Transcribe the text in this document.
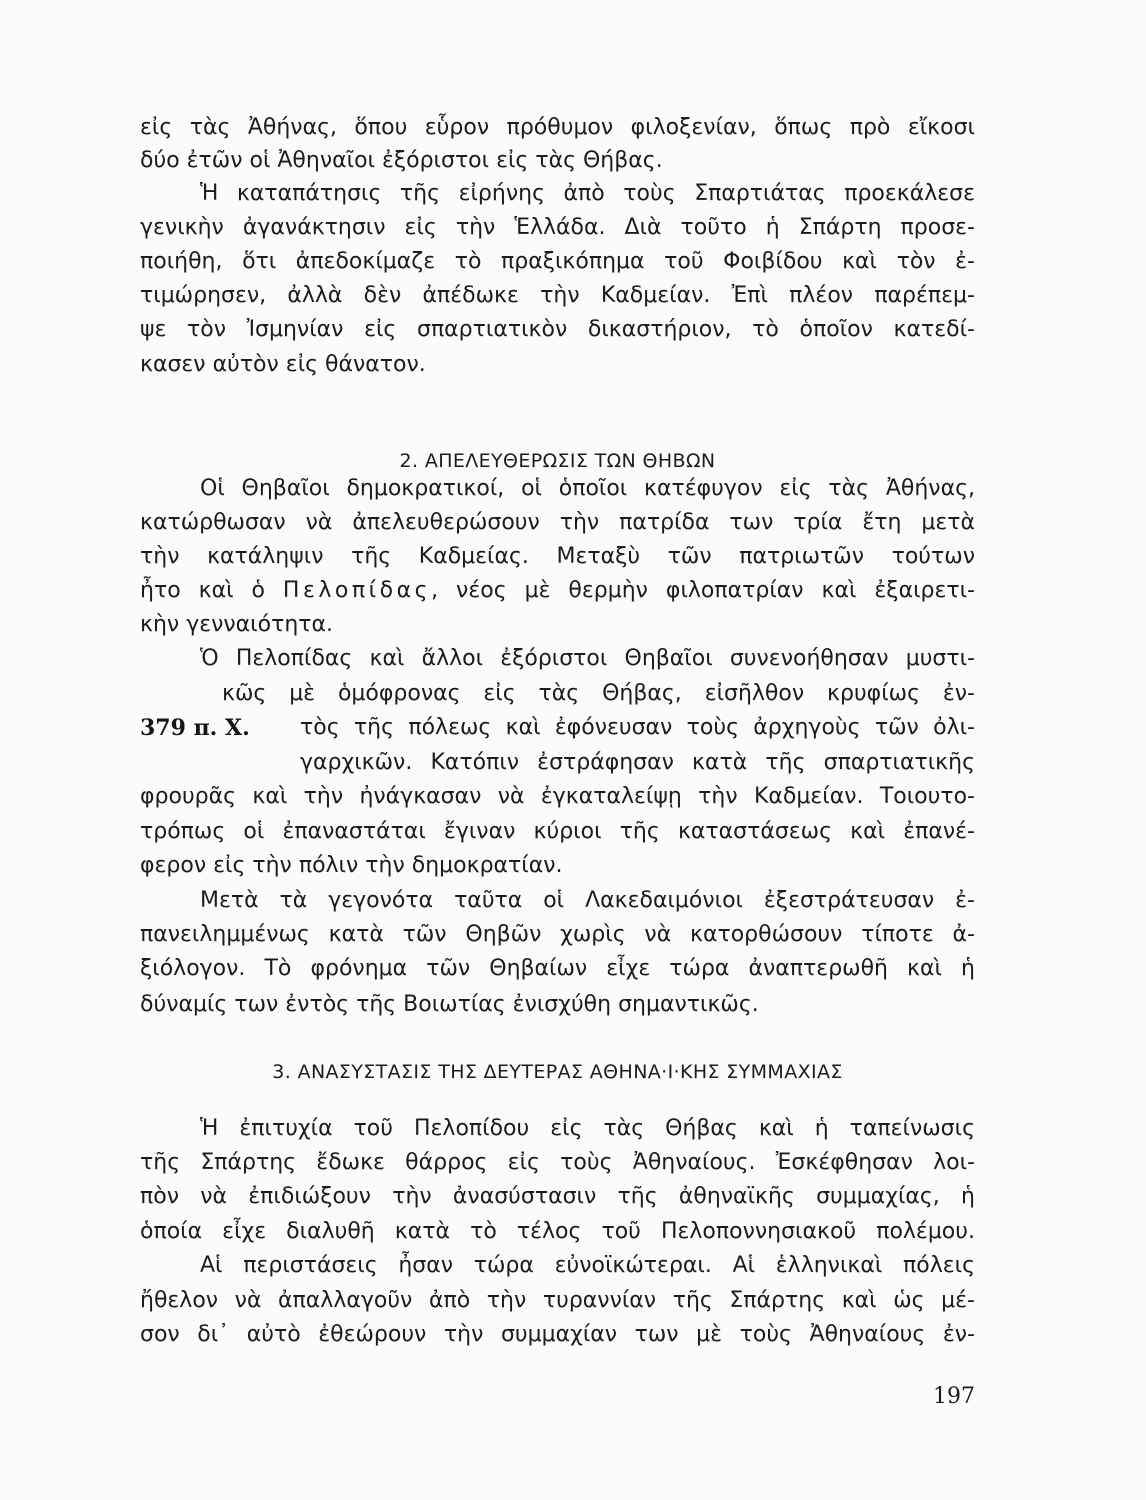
εἰς τὰς Ἀθήνας, ὅπου εὗρον πρόθυμον φιλοξενίαν, ὅπως πρὸ εἴκοσι
δύο ἐτῶν οἱ Ἀθηναῖοι ἐξόριστοι εἰς τὰς Θήβας.
Ἡ καταπάτησις τῆς εἰρήνης ἀπὸ τοὺς Σπαρτιάτας προεκάλεσε
γενικὴν ἀγανάκτησιν εἰς τὴν Ἑλλάδα. Διὰ τοῦτο ἡ Σπάρτη προσε-
ποιήθη, ὅτι ἀπεδοκίμαζε τὸ πραξικόπημα τοῦ Φοιβίδου καὶ τὸν ἐ-
τιμώρησεν, ἀλλὰ δὲν ἀπέδωκε τὴν Καδμείαν. Ἐπὶ πλέον παρέπεμ-
ψε τὸν Ἰσμηνίαν εἰς σπαρτιατικὸν δικαστήριον, τὸ ὁποῖον κατεδί-
κασεν αὐτὸν εἰς θάνατον.
2. ΑΠΕΛΕΥΘΕΡΩΣΙΣ ΤΩΝ ΘΗΒΩΝ
Οἱ Θηβαῖοι δημοκρατικοί, οἱ ὁποῖοι κατέφυγον εἰς τὰς Ἀθήνας,
κατώρθωσαν νὰ ἀπελευθερώσουν τὴν πατρίδα των τρία ἔτη μετὰ
τὴν κατάληψιν τῆς Καδμείας. Μεταξὺ τῶν πατριωτῶν τούτων
ἦτο καὶ ὁ Πελοπίδας, νέος μὲ θερμὴν φιλοπατρίαν καὶ ἐξαιρετι-
κὴν γενναιότητα.
Ὁ Πελοπίδας καὶ ἄλλοι ἐξόριστοι Θηβαῖοι συνενοήθησαν μυστι-
κῶς μὲ ὁμόφρονας εἰς τὰς Θήβας, εἰσῆλθον κρυφίως ἐν-
τὸς τῆς πόλεως καὶ ἐφόνευσαν τοὺς ἀρχηγοὺς τῶν ὀλι-
γαρχικῶν. Κατόπιν ἐστράφησαν κατὰ τῆς σπαρτιατικῆς
φρουρᾶς καὶ τὴν ἠνάγκασαν νὰ ἐγκαταλείψῃ τὴν Καδμείαν. Τοιουτο-
τρόπως οἱ ἐπαναστάται ἔγιναν κύριοι τῆς καταστάσεως καὶ ἐπανέ-
φερον εἰς τὴν πόλιν τὴν δημοκρατίαν.
379 π. Χ.
Μετὰ τὰ γεγονότα ταῦτα οἱ Λακεδαιμόνιοι ἐξεστράτευσαν ἐ-
πανειλημμένως κατὰ τῶν Θηβῶν χωρὶς νὰ κατορθώσουν τίποτε ἀ-
ξιόλογον. Τὸ φρόνημα τῶν Θηβαίων εἶχε τώρα ἀναπτερωθῆ καὶ ἡ
δύναμίς των ἐντὸς τῆς Βοιωτίας ἐνισχύθη σημαντικῶς.
3. ΑΝΑΣΥΣΤΑΣΙΣ ΤΗΣ ΔΕΥΤΕΡΑΣ ΑΘΗΝΑ·Ι·ΚΗΣ ΣΥΜΜΑΧΙΑΣ
Ἡ ἐπιτυχία τοῦ Πελοπίδου εἰς τὰς Θήβας καὶ ἡ ταπείνωσις
τῆς Σπάρτης ἔδωκε θάρρος εἰς τοὺς Ἀθηναίους. Ἐσκέφθησαν λοι-
πὸν νὰ ἐπιδιώξουν τὴν ἀνασύστασιν τῆς ἀθηναϊκῆς συμμαχίας, ἡ
ὁποία εἶχε διαλυθῆ κατὰ τὸ τέλος τοῦ Πελοποννησιακοῦ πολέμου.
Αἱ περιστάσεις ἦσαν τώρα εὐνοϊκώτεραι. Αἱ ἑλληνικαὶ πόλεις
ἤθελον νὰ ἀπαλλαγοῦν ἀπὸ τὴν τυραννίαν τῆς Σπάρτης καὶ ὡς μέ-
σον δι᾽ αὐτὸ ἐθεώρουν τὴν συμμαχίαν των μὲ τοὺς Ἀθηναίους ἐν-
197
